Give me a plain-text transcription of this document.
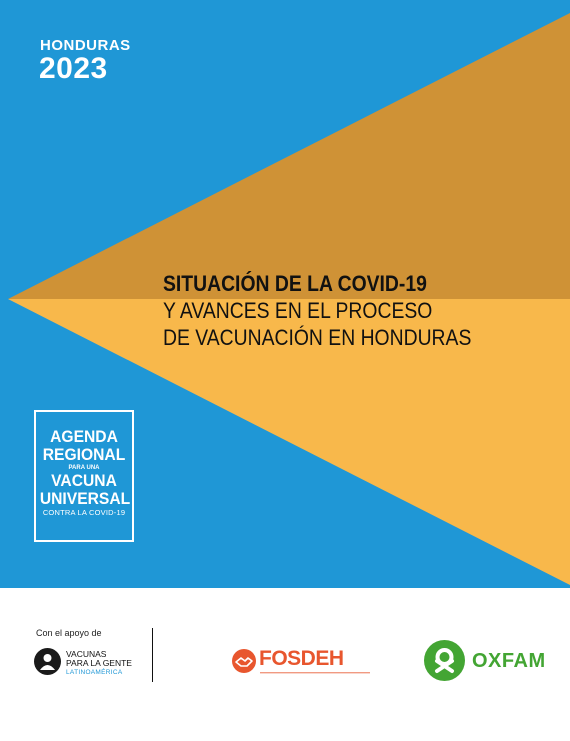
HONDURAS
2023
SITUACIÓN DE LA COVID-19
Y AVANCES EN EL PROCESO
DE VACUNACIÓN EN HONDURAS
AGENDA
REGIONAL
PARA UNA
VACUNA
UNIVERSAL
CONTRA LA COVID-19
Con el apoyo de
VACUNAS
PARA LA GENTE
LATINOAMÉRICA
FOSDEH	OXFAM
